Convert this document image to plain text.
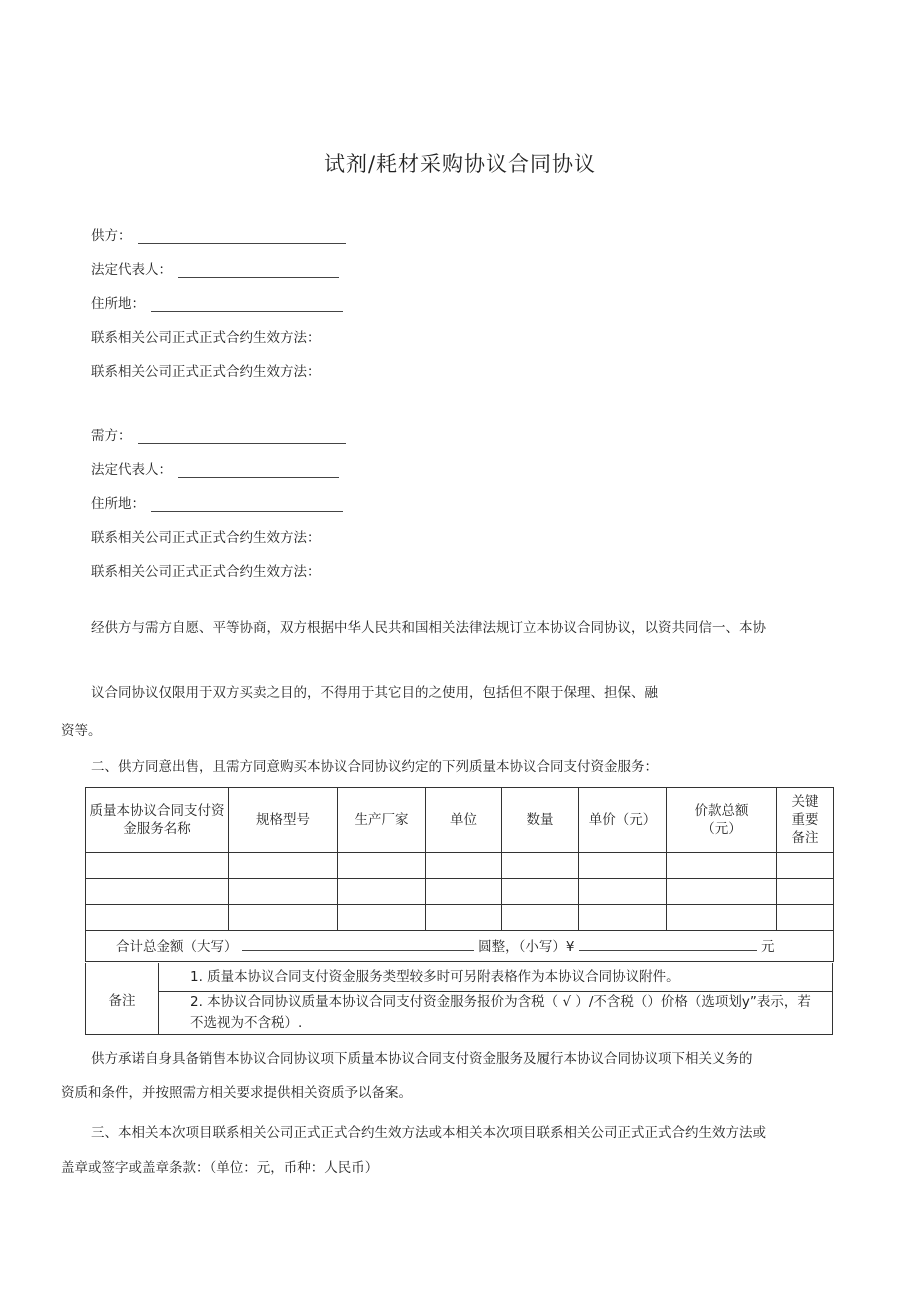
试剂/耗材采购协议合同协议
供方：
法定代表人：
住所地：
联系相关公司正式正式合约生效方法：
联系相关公司正式正式合约生效方法：
需方：
法定代表人：
住所地：
联系相关公司正式正式合约生效方法：
联系相关公司正式正式合约生效方法：
经供方与需方自愿、平等协商，双方根据中华人民共和国相关法律法规订立本协议合同协议，以资共同信一、本协
议合同协议仅限用于双方买卖之目的，不得用于其它目的之使用，包括但不限于保理、担保、融
资等。
二、供方同意出售，且需方同意购买本协议合同协议约定的下列质量本协议合同支付资金服务：
质量本协议合同支付资金服务名称	规格型号	生产厂家	单位	数量	单价（元）	价款总额（元）	关键重要备注

合计总金额（大写） 圆整，（小写）¥ 元							
备注
1. 质量本协议合同支付资金服务类型较多时可另附表格作为本协议合同协议附件。
2. 本协议合同协议质量本协议合同支付资金服务报价为含税（ √ ）/不含税（）价格（选项划y”表示，若不选视为不含税）.
供方承诺自身具备销售本协议合同协议项下质量本协议合同支付资金服务及履行本协议合同协议项下相关义务的
资质和条件，并按照需方相关要求提供相关资质予以备案。
三、本相关本次项目联系相关公司正式正式合约生效方法或本相关本次项目联系相关公司正式正式合约生效方法或
盖章或签字或盖章条款：（单位：元，币种：人民币）
